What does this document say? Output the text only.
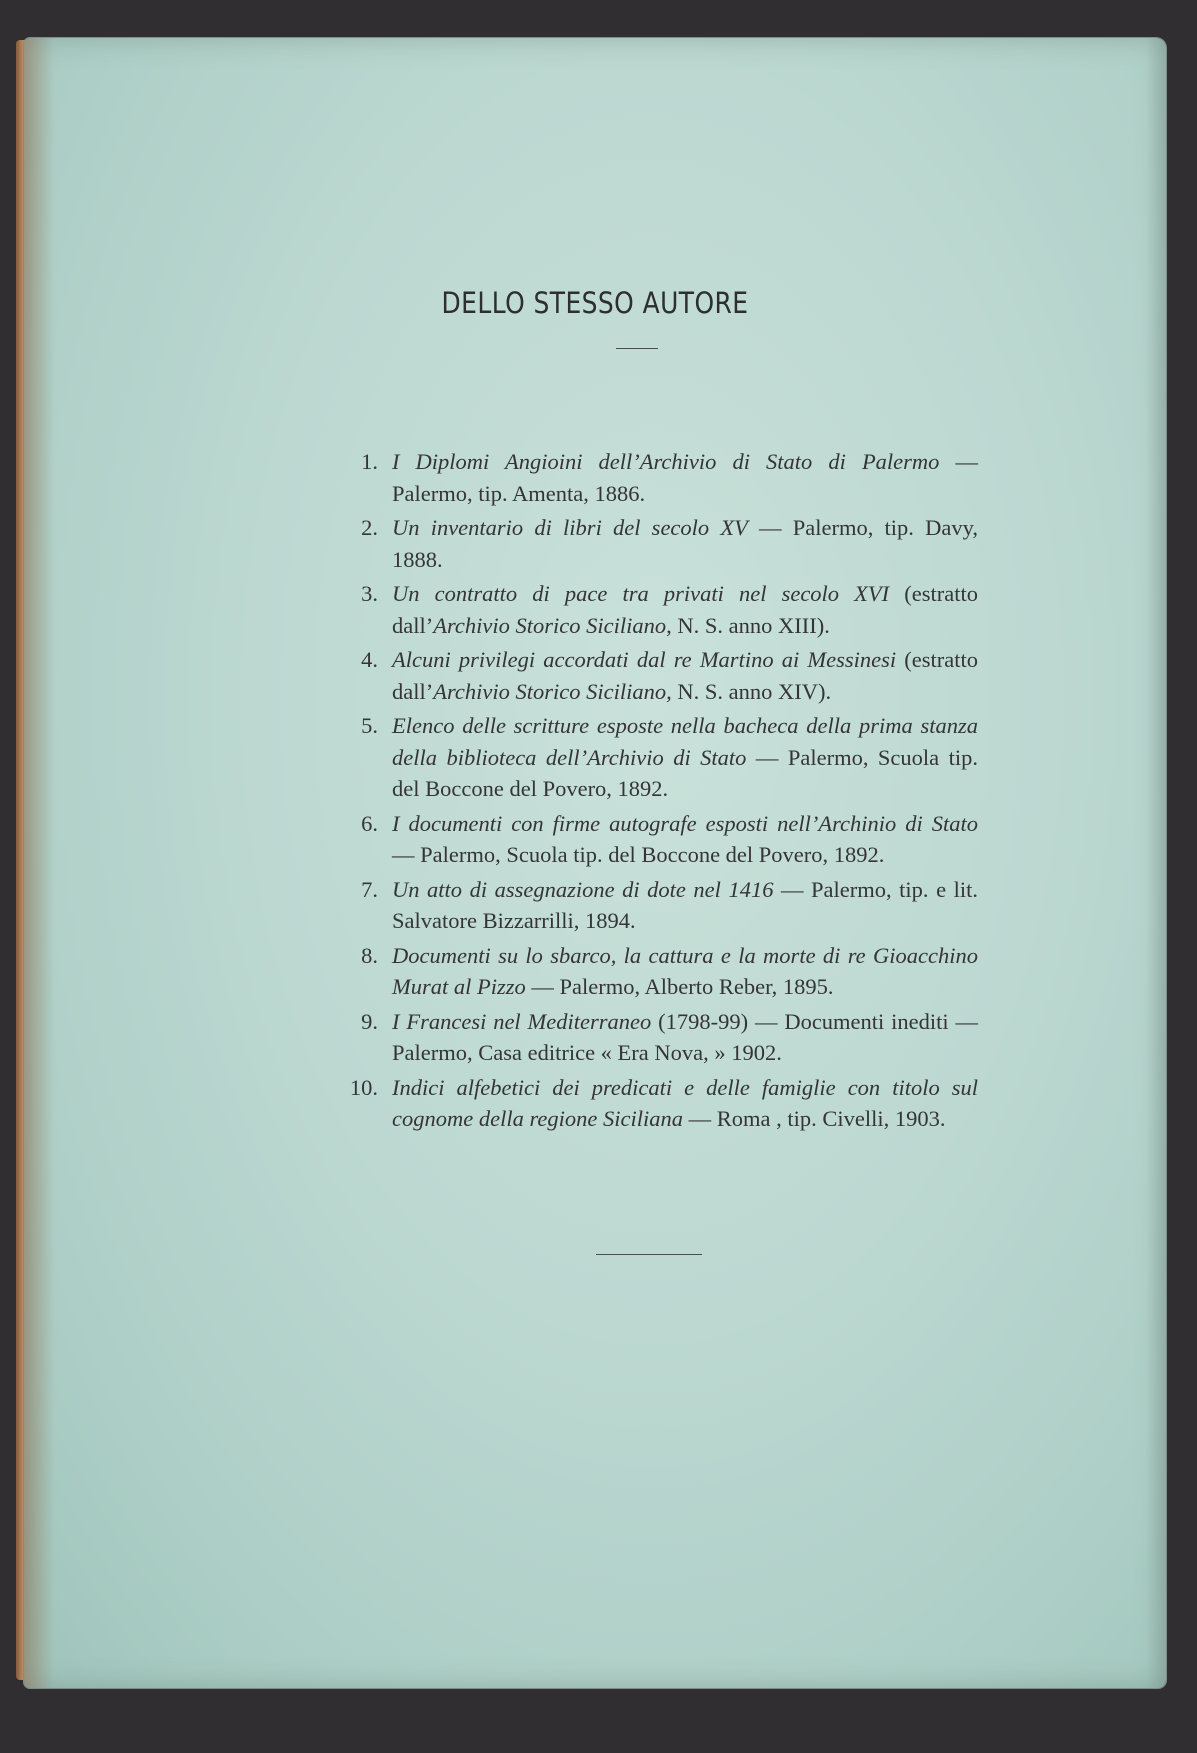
DELLO STESSO AUTORE
1. I Diplomi Angioini dell’Archivio di Stato di Palermo — Palermo, tip. Amenta, 1886.
2. Un inventario di libri del secolo XV — Palermo, tip. Davy, 1888.
3. Un contratto di pace tra privati nel secolo XVI (estratto dall’Archivio Storico Siciliano, N. S. anno XIII).
4. Alcuni privilegi accordati dal re Martino ai Messinesi (estratto dall’Archivio Storico Siciliano, N. S. anno XIV).
5. Elenco delle scritture esposte nella bacheca della prima stanza della biblioteca dell’Archivio di Stato — Palermo, Scuola tip. del Boccone del Povero, 1892.
6. I documenti con firme autografe esposti nell’Archinio di Stato — Palermo, Scuola tip. del Boccone del Povero, 1892.
7. Un atto di assegnazione di dote nel 1416 — Palermo, tip. e lit. Salvatore Bizzarrilli, 1894.
8. Documenti su lo sbarco, la cattura e la morte di re Gioacchino Murat al Pizzo — Palermo, Alberto Reber, 1895.
9. I Francesi nel Mediterraneo (1798-99) — Documenti inediti — Palermo, Casa editrice « Era Nova, » 1902.
10. Indici alfebetici dei predicati e delle famiglie con titolo sul cognome della regione Siciliana — Roma , tip. Civelli, 1903.
